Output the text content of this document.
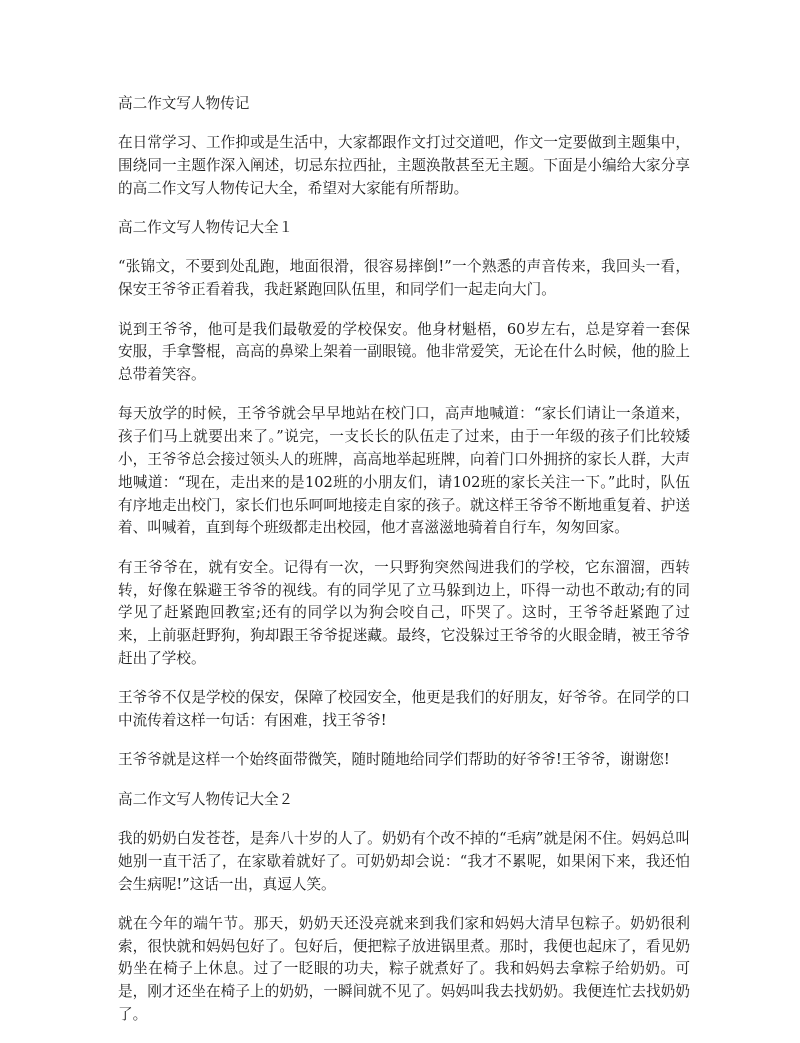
高二作文写人物传记

在日常学习、工作抑或是生活中，大家都跟作文打过交道吧，作文一定要做到主题集中，围绕同一主题作深入阐述，切忌东拉西扯，主题涣散甚至无主题。下面是小编给大家分享的高二作文写人物传记大全，希望对大家能有所帮助。

高二作文写人物传记大全１

“张锦文，不要到处乱跑，地面很滑，很容易摔倒!”一个熟悉的声音传来，我回头一看，保安王爷爷正看着我，我赶紧跑回队伍里，和同学们一起走向大门。

说到王爷爷，他可是我们最敬爱的学校保安。他身材魁梧，60岁左右，总是穿着一套保安服，手拿警棍，高高的鼻梁上架着一副眼镜。他非常爱笑，无论在什么时候，他的脸上总带着笑容。

每天放学的时候，王爷爷就会早早地站在校门口，高声地喊道：“家长们请让一条道来，孩子们马上就要出来了。”说完，一支长长的队伍走了过来，由于一年级的孩子们比较矮小，王爷爷总会接过领头人的班牌，高高地举起班牌，向着门口外拥挤的家长人群，大声地喊道：“现在，走出来的是102班的小朋友们，请102班的家长关注一下。”此时，队伍有序地走出校门，家长们也乐呵呵地接走自家的孩子。就这样王爷爷不断地重复着、护送着、叫喊着，直到每个班级都走出校园，他才喜滋滋地骑着自行车，匆匆回家。

有王爷爷在，就有安全。记得有一次，一只野狗突然闯进我们的学校，它东溜溜，西转转，好像在躲避王爷爷的视线。有的同学见了立马躲到边上，吓得一动也不敢动;有的同学见了赶紧跑回教室;还有的同学以为狗会咬自己，吓哭了。这时，王爷爷赶紧跑了过来，上前驱赶野狗，狗却跟王爷爷捉迷藏。最终，它没躲过王爷爷的火眼金睛，被王爷爷赶出了学校。

王爷爷不仅是学校的保安，保障了校园安全，他更是我们的好朋友，好爷爷。在同学的口中流传着这样一句话：有困难，找王爷爷!

王爷爷就是这样一个始终面带微笑，随时随地给同学们帮助的好爷爷!王爷爷，谢谢您!

高二作文写人物传记大全２

我的奶奶白发苍苍，是奔八十岁的人了。奶奶有个改不掉的“毛病”就是闲不住。妈妈总叫她别一直干活了，在家歇着就好了。可奶奶却会说：“我才不累呢，如果闲下来，我还怕会生病呢!”这话一出，真逗人笑。

就在今年的端午节。那天，奶奶天还没亮就来到我们家和妈妈大清早包粽子。奶奶很利索，很快就和妈妈包好了。包好后，便把粽子放进锅里煮。那时，我便也起床了，看见奶奶坐在椅子上休息。过了一眨眼的功夫，粽子就煮好了。我和妈妈去拿粽子给奶奶。可是，刚才还坐在椅子上的奶奶，一瞬间就不见了。妈妈叫我去找奶奶。我便连忙去找奶奶了。
